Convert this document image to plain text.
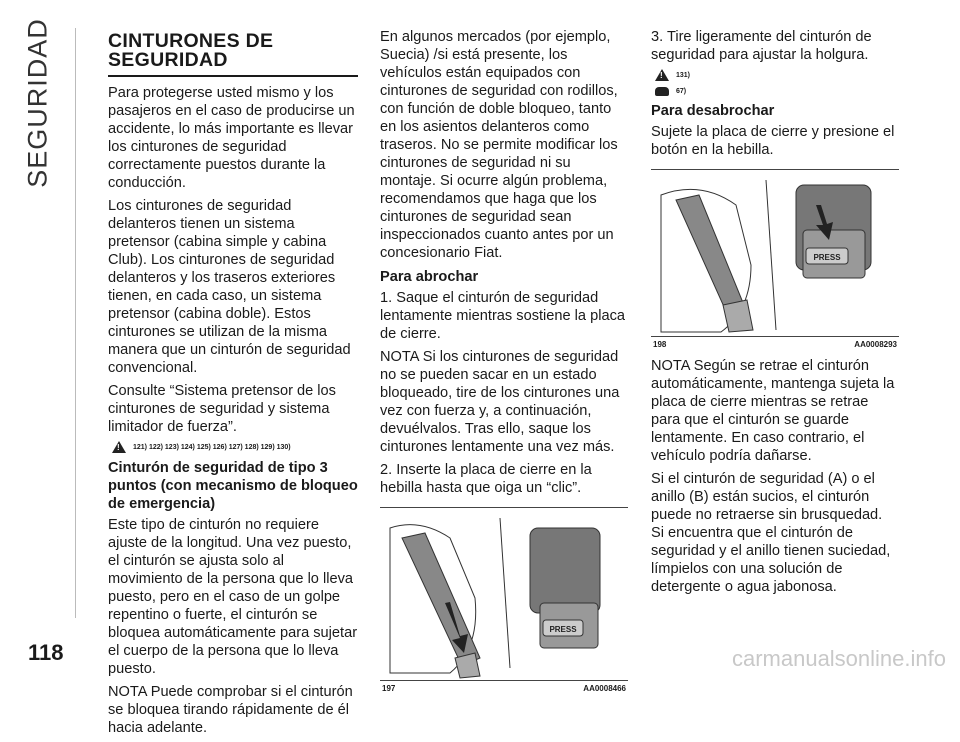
SEGURIDAD
118	carmanualsonline.info
CINTURONES DE SEGURIDAD

Para protegerse usted mismo y los pasajeros en el caso de producirse un accidente, lo más importante es llevar los cinturones de seguridad correctamente puestos durante la conducción.

Los cinturones de seguridad delanteros tienen un sistema pretensor (cabina simple y cabina Club). Los cinturones de seguridad delanteros y los traseros exteriores tienen, en cada caso, un sistema pretensor (cabina doble). Estos cinturones se utilizan de la misma manera que un cinturón de seguridad convencional.

Consulte “Sistema pretensor de los cinturones de seguridad y sistema limitador de fuerza”.

!
121) 122) 123) 124) 125) 126) 127) 128) 129) 130)
Cinturón de seguridad de tipo 3 puntos (con mecanismo de bloqueo de emergencia)

Este tipo de cinturón no requiere ajuste de la longitud. Una vez puesto, el cinturón se ajusta solo al movimiento de la persona que lo lleva puesto, pero en el caso de un golpe repentino o fuerte, el cinturón se bloquea automáticamente para sujetar el cuerpo de la persona que lo lleva puesto.

NOTA Puede comprobar si el cinturón se bloquea tirando rápidamente de él hacia adelante.

En algunos mercados (por ejemplo, Suecia) /si está presente, los vehículos están equipados con cinturones de seguridad con rodillos, con función de doble bloqueo, tanto en los asientos delanteros como traseros. No se permite modificar los cinturones de seguridad ni su montaje. Si ocurre algún problema, recomendamos que haga que los cinturones de seguridad sean inspeccionados cuanto antes por un concesionario Fiat.

Para abrochar

1. Saque el cinturón de seguridad lentamente mientras sostiene la placa de cierre.

NOTA Si los cinturones de seguridad no se pueden sacar en un estado bloqueado, tire de los cinturones una vez con fuerza y, a continuación, devuélvalos. Tras ello, saque los cinturones lentamente una vez más.

2. Inserte la placa de cierre en la hebilla hasta que oiga un “clic”.

PRESS
197	AA0008466

3. Tire ligeramente del cinturón de seguridad para ajustar la holgura.

!
131)
67)
Para desabrochar

Sujete la placa de cierre y presione el botón en la hebilla.

PRESS
198	AA0008293

NOTA Según se retrae el cinturón automáticamente, mantenga sujeta la placa de cierre mientras se retrae para que el cinturón se guarde lentamente. En caso contrario, el vehículo podría dañarse.

Si el cinturón de seguridad (A) o el anillo (B) están sucios, el cinturón puede no retraerse sin brusquedad. Si encuentra que el cinturón de seguridad y el anillo tienen suciedad, límpielos con una solución de detergente o agua jabonosa.
